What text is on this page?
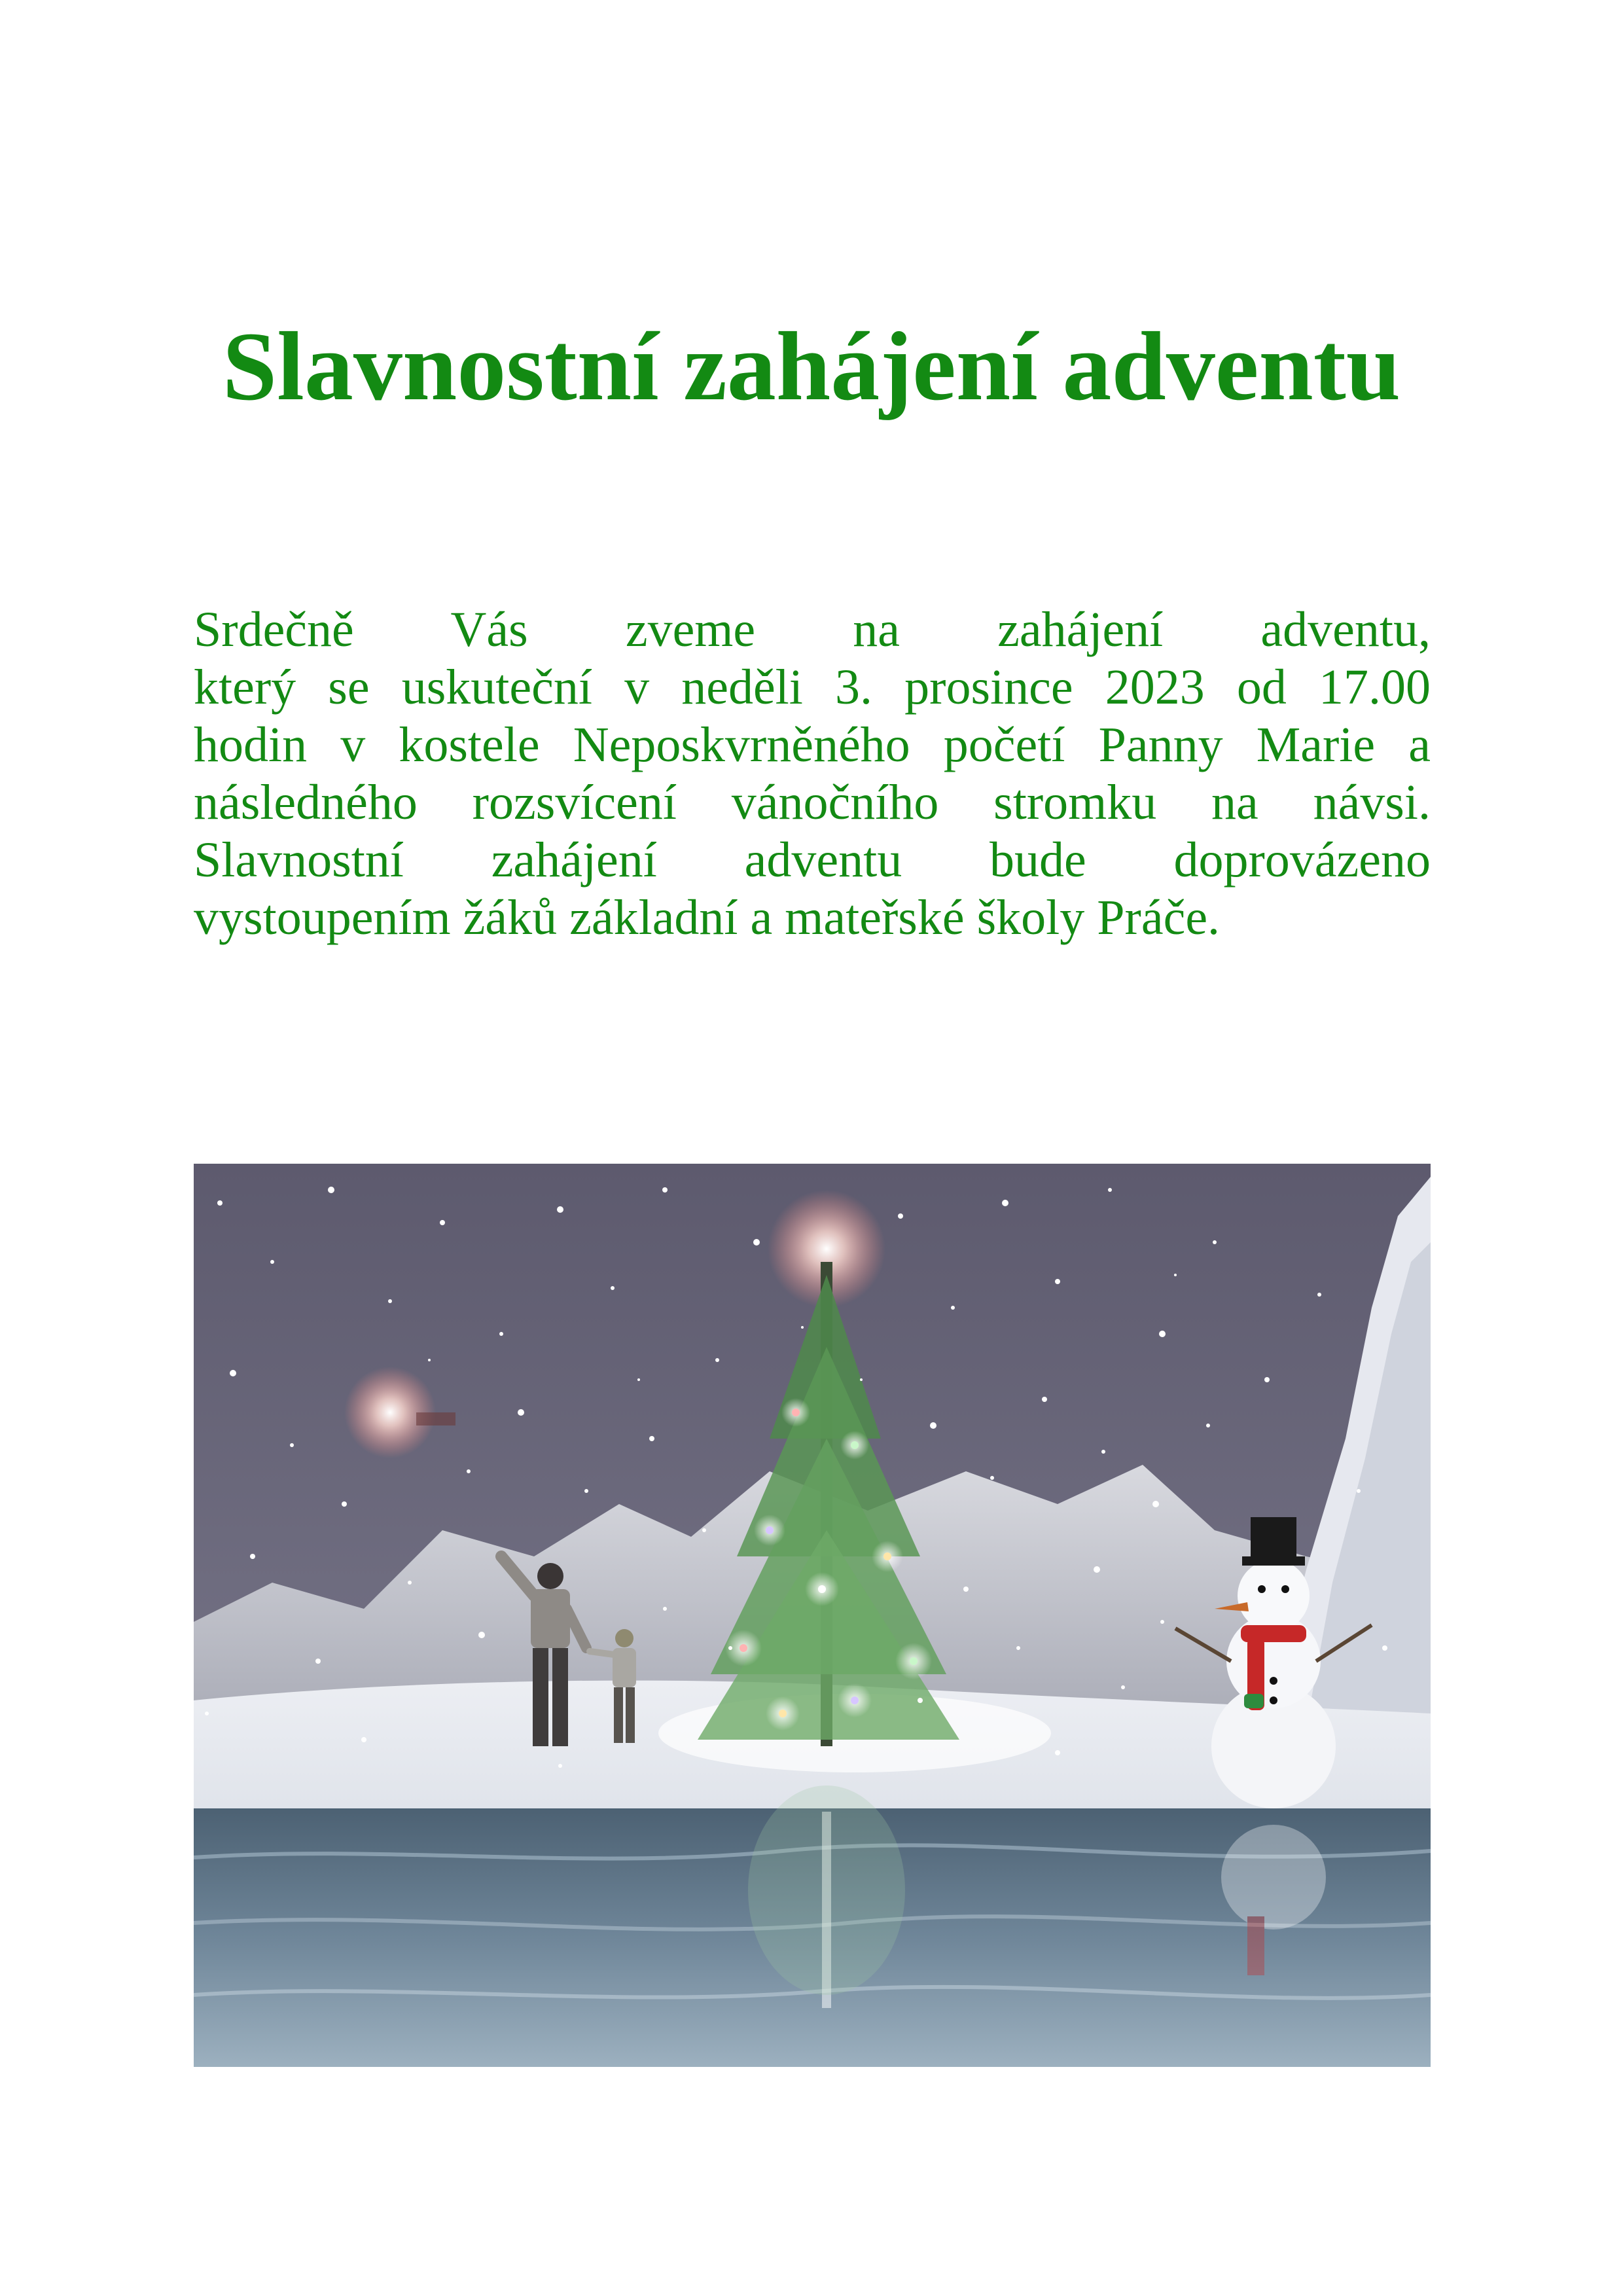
Slavnostní zahájení adventu
Srdečně Vás zveme na zahájení adventu,
který se uskuteční v neděli 3. prosince 2023 od 17.00
hodin v kostele Neposkvrněného početí Panny Marie a
následného rozsvícení vánočního stromku na návsi.
Slavnostní zahájení adventu bude doprovázeno
vystoupením žáků základní a mateřské školy Práče.
